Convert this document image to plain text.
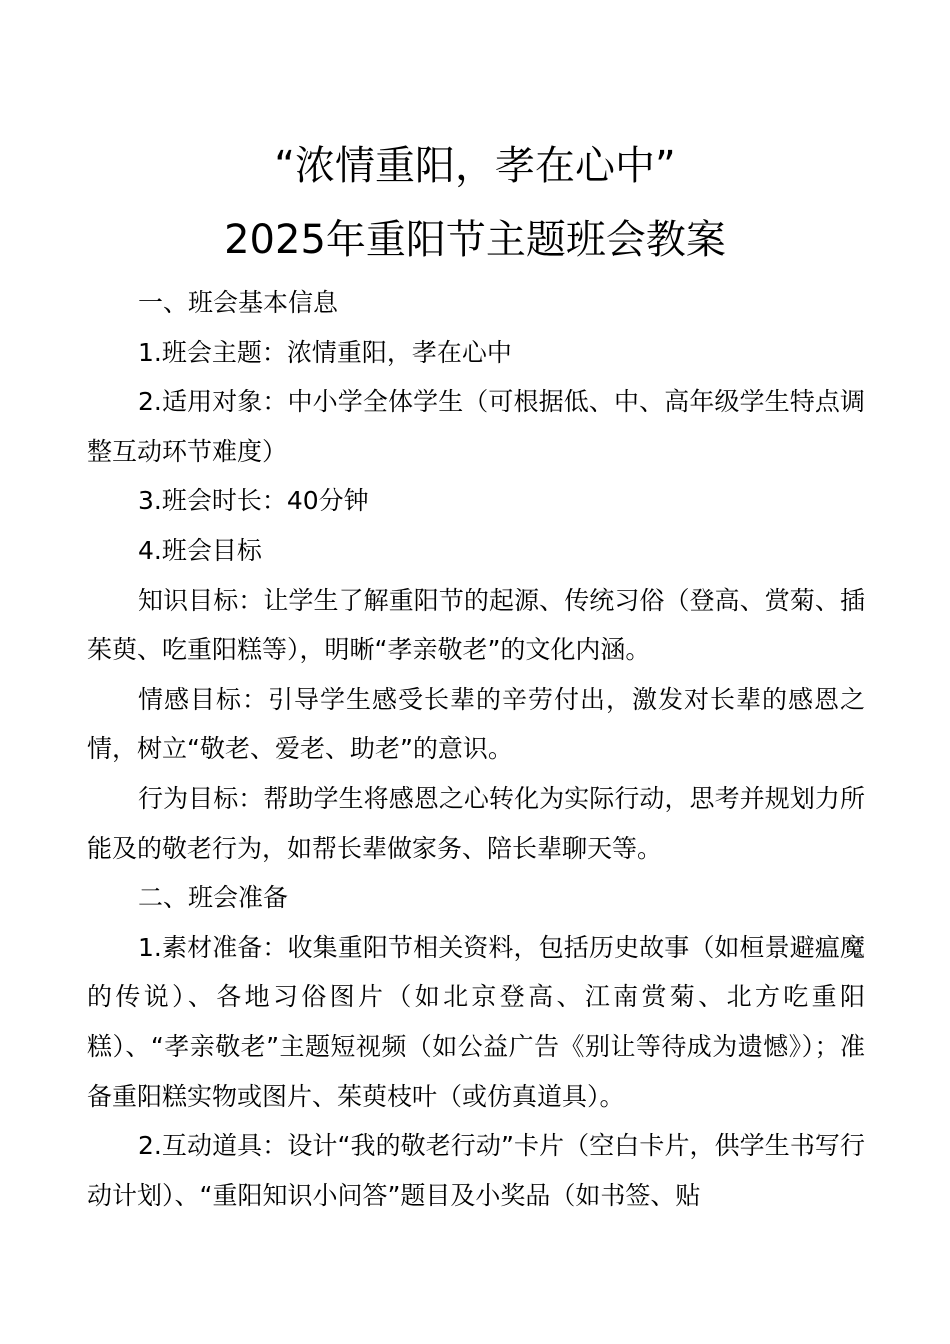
“浓情重阳，孝在心中”
2025年重阳节主题班会教案

一、班会基本信息

1.班会主题：浓情重阳，孝在心中

2.适用对象：中小学全体学生（可根据低、中、高年级学生特点调整互动环节难度）

3.班会时长：40分钟

4.班会目标

知识目标：让学生了解重阳节的起源、传统习俗（登高、赏菊、插茱萸、吃重阳糕等），明晰“孝亲敬老”的文化内涵。

情感目标：引导学生感受长辈的辛劳付出，激发对长辈的感恩之情，树立“敬老、爱老、助老”的意识。

行为目标：帮助学生将感恩之心转化为实际行动，思考并规划力所能及的敬老行为，如帮长辈做家务、陪长辈聊天等。

二、班会准备

1.素材准备：收集重阳节相关资料，包括历史故事（如桓景避瘟魔的传说）、各地习俗图片（如北京登高、江南赏菊、北方吃重阳糕）、“孝亲敬老”主题短视频（如公益广告《别让等待成为遗憾》）；准备重阳糕实物或图片、茱萸枝叶（或仿真道具）。

2.互动道具：设计“我的敬老行动”卡片（空白卡片，供学生书写行动计划）、“重阳知识小问答”题目及小奖品（如书签、贴
